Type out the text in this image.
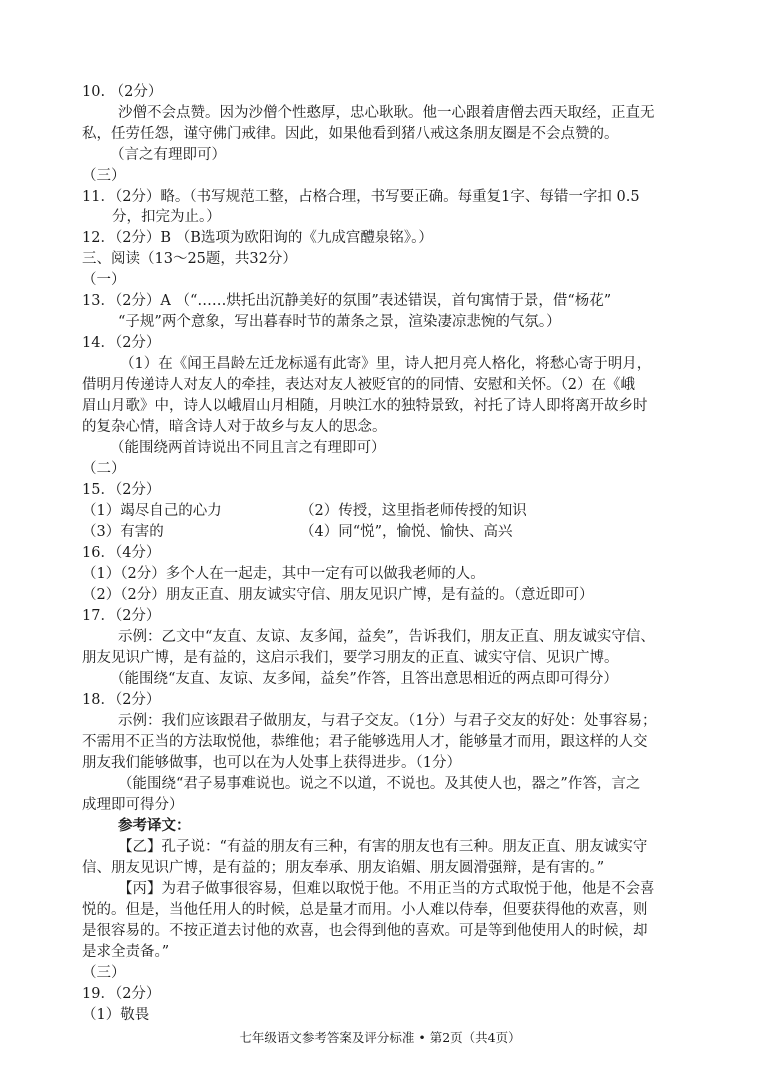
10. （2分）
沙僧不会点赞。因为沙僧个性憨厚，忠心耿耿。他一心跟着唐僧去西天取经，正直无
私，任劳任怨，谨守佛门戒律。因此，如果他看到猪八戒这条朋友圈是不会点赞的。
（言之有理即可）
（三）
11．（2分）略。（书写规范工整，占格合理，书写要正确。每重复1字、每错一字扣 0.5
分，扣完为止。）
12．（2分）B （B选项为欧阳询的《九成宫醴泉铭》。）
三、阅读（13～25题，共32分）
（一）
13．（2分）A （“……烘托出沉静美好的氛围”表述错误，首句寓情于景，借“杨花”
“子规”两个意象，写出暮春时节的萧条之景，渲染凄凉悲惋的气氛。）
14．（2分）
（1）在《闻王昌龄左迁龙标遥有此寄》里，诗人把月亮人格化，将愁心寄于明月，
借明月传递诗人对友人的牵挂，表达对友人被贬官的的同情、安慰和关怀。（2）在《峨
眉山月歌》中，诗人以峨眉山月相随，月映江水的独特景致，衬托了诗人即将离开故乡时
的复杂心情，暗含诗人对于故乡与友人的思念。
（能围绕两首诗说出不同且言之有理即可）
（二）
15．（2分）
（1）竭尽自己的心力	（2）传授，这里指老师传授的知识
（3）有害的	（4）同“悦”，愉悦、愉快、高兴
16．（4分）
（1）（2分）多个人在一起走，其中一定有可以做我老师的人。
（2）（2分）朋友正直、朋友诚实守信、朋友见识广博，是有益的。（意近即可）
17．（2分）
示例：乙文中“友直、友谅、友多闻，益矣”，告诉我们，朋友正直、朋友诚实守信、
朋友见识广博，是有益的，这启示我们，要学习朋友的正直、诚实守信、见识广博。
（能围绕“友直、友谅、友多闻，益矣”作答，且答出意思相近的两点即可得分）
18．（2分）
示例：我们应该跟君子做朋友，与君子交友。（1分）与君子交友的好处：处事容易；
不需用不正当的方法取悦他，恭维他；君子能够选用人才，能够量才而用，跟这样的人交
朋友我们能够做事，也可以在为人处事上获得进步。（1分）
（能围绕“君子易事难说也。说之不以道，不说也。及其使人也，器之”作答，言之
成理即可得分）
参考译文：
【乙】孔子说：“有益的朋友有三种，有害的朋友也有三种。朋友正直、朋友诚实守
信、朋友见识广博，是有益的；朋友奉承、朋友谄媚、朋友圆滑强辩，是有害的。”
【丙】为君子做事很容易，但难以取悦于他。不用正当的方式取悦于他，他是不会喜
悦的。但是，当他任用人的时候，总是量才而用。小人难以侍奉，但要获得他的欢喜，则
是很容易的。不按正道去讨他的欢喜，也会得到他的喜欢。可是等到他使用人的时候，却
是求全责备。”
（三）
19．（2分）
（1）敬畏
七年级语文参考答案及评分标准 • 第2页（共4页）
